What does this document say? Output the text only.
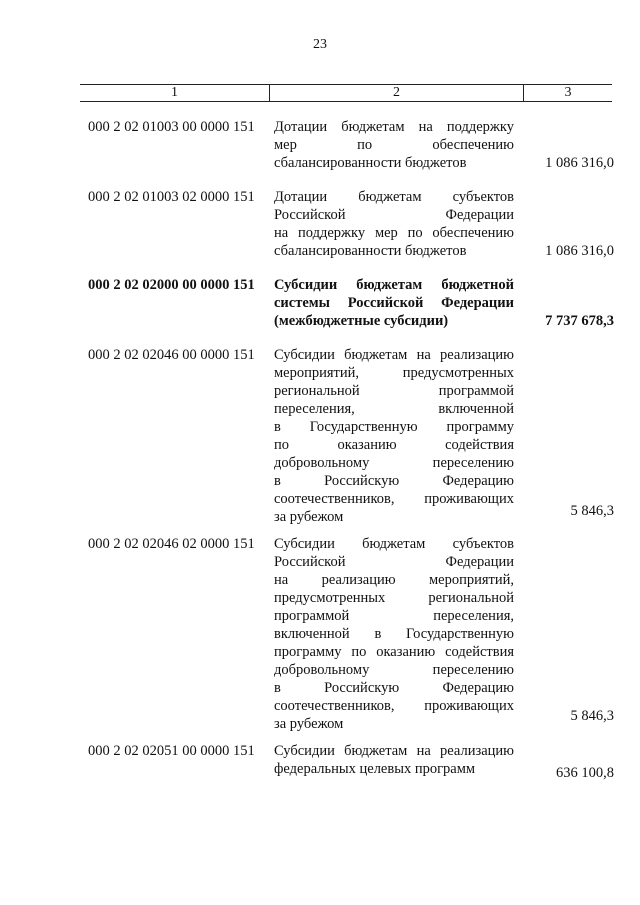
23
1	2	3
000 2 02 01003 00 0000 151	Дотации бюджетам на поддержку
мер по обеспечению
сбалансированности бюджетов	1 086 316,0
000 2 02 01003 02 0000 151	Дотации бюджетам субъектов
Российской Федерации
на поддержку мер по обеспечению
сбалансированности бюджетов	1 086 316,0
000 2 02 02000 00 0000 151	Субсидии бюджетам бюджетной
системы Российской Федерации
(межбюджетные субсидии)	7 737 678,3
000 2 02 02046 00 0000 151	Субсидии бюджетам на реализацию
мероприятий, предусмотренных
региональной программой
переселения, включенной
в Государственную программу
по оказанию содействия
добровольному переселению
в Российскую Федерацию
соотечественников, проживающих
за рубежом	5 846,3
000 2 02 02046 02 0000 151	Субсидии бюджетам субъектов
Российской Федерации
на реализацию мероприятий,
предусмотренных региональной
программой переселения,
включенной в Государственную
программу по оказанию содействия
добровольному переселению
в Российскую Федерацию
соотечественников, проживающих
за рубежом	5 846,3
000 2 02 02051 00 0000 151	Субсидии бюджетам на реализацию
федеральных целевых программ	636 100,8
